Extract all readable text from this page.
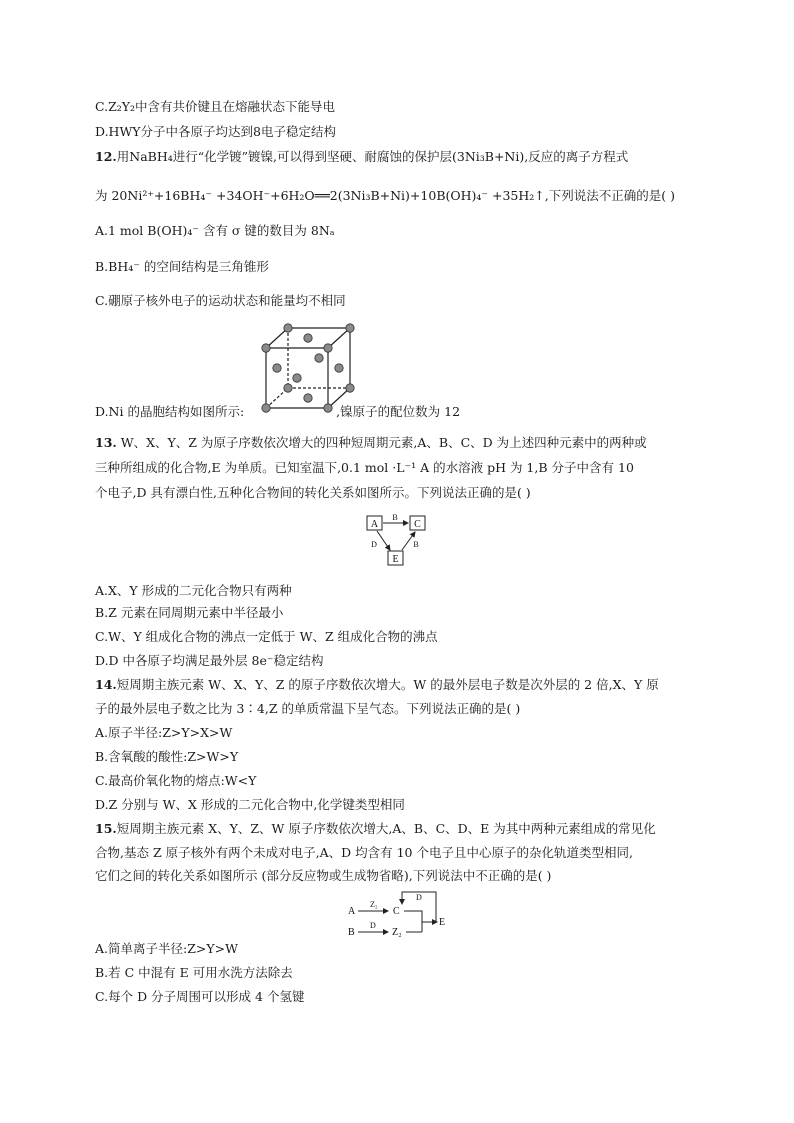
C.Z₂Y₂中含有共价键且在熔融状态下能导电
D.HWY分子中各原子均达到8电子稳定结构
12.用NaBH₄进行“化学镀”镀镍,可以得到坚硬、耐腐蚀的保护层(3Ni₃B+Ni),反应的离子方程式
为 20Ni²⁺+16BH₄⁻ +34OH⁻+6H₂O══2(3Ni₃B+Ni)+10B(OH)₄⁻ +35H₂↑,下列说法不正确的是( )
A.1 mol B(OH)₄⁻ 含有 σ 键的数目为 8Nₐ
B.BH₄⁻ 的空间结构是三角锥形
C.硼原子核外电子的运动状态和能量均不相同
D.Ni 的晶胞结构如图所示:	,镍原子的配位数为 12
13. W、X、Y、Z 为原子序数依次增大的四种短周期元素,A、B、C、D 为上述四种元素中的两种或
三种所组成的化合物,E 为单质。已知室温下,0.1 mol ·L⁻¹ A 的水溶液 pH 为 1,B 分子中含有 10
个电子,D 具有漂白性,五种化合物间的转化关系如图所示。下列说法正确的是( )
A	C
E
B
D	B
A.X、Y 形成的二元化合物只有两种
B.Z 元素在同周期元素中半径最小
C.W、Y 组成化合物的沸点一定低于 W、Z 组成化合物的沸点
D.D 中各原子均满足最外层 8e⁻稳定结构
14.短周期主族元素 W、X、Y、Z 的原子序数依次增大。W 的最外层电子数是次外层的 2 倍,X、Y 原
子的最外层电子数之比为 3∶4,Z 的单质常温下呈气态。下列说法正确的是( )
A.原子半径:Z>Y>X>W
B.含氧酸的酸性:Z>W>Y
C.最高价氧化物的熔点:W<Y
D.Z 分别与 W、X 形成的二元化合物中,化学键类型相同
15.短周期主族元素 X、Y、Z、W 原子序数依次增大,A、B、C、D、E 为其中两种元素组成的常见化
合物,基态 Z 原子核外有两个未成对电子,A、D 均含有 10 个电子且中心原子的杂化轨道类型相同,
它们之间的转化关系如图所示 (部分反应物或生成物省略),下列说法中不正确的是( )
A
Z₂
C
D
B
D
Z₂
E
A.简单离子半径:Z>Y>W
B.若 C 中混有 E 可用水洗方法除去
C.每个 D 分子周围可以形成 4 个氢键
